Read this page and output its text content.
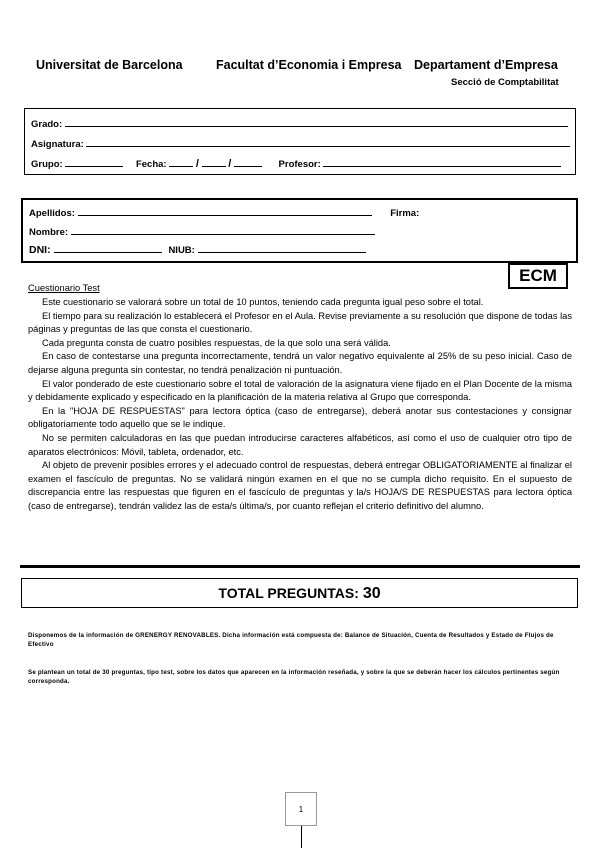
Universitat de Barcelona	Facultat d’Economia i Empresa Departament d’Empresa
Secció de Comptabilitat
Grado:
Asignatura:
Grupo:	Fecha:	/	/	Profesor:
Apellidos:	Firma:
Nombre:
DNI:	NIUB:
ECM
Cuestionario Test

Este cuestionario se valorará sobre un total de 10 puntos, teniendo cada pregunta igual peso sobre el total.

El tiempo para su realización lo establecerá el Profesor en el Aula. Revise previamente a su resolución que dispone de todas las páginas y preguntas de las que consta el cuestionario.

Cada pregunta consta de cuatro posibles respuestas, de la que solo una será válida.

En caso de contestarse una pregunta incorrectamente, tendrá un valor negativo equivalente al 25% de su peso inicial. Caso de dejarse alguna pregunta sin contestar, no tendrá penalización ni puntuación.

El valor ponderado de este cuestionario sobre el total de valoración de la asignatura viene fijado en el Plan Docente de la misma y debidamente explicado y especificado en la planificación de la materia relativa al Grupo que corresponda.

En la "HOJA DE RESPUESTAS" para lectora óptica (caso de entregarse), deberá anotar sus contestaciones y consignar obligatoriamente todo aquello que se le indique.

No se permiten calculadoras en las que puedan introducirse caracteres alfabéticos, así como el uso de cualquier otro tipo de aparatos electrónicos: Móvil, tableta, ordenador, etc.

Al objeto de prevenir posibles errores y el adecuado control de respuestas, deberá entregar OBLIGATORIAMENTE al finalizar el examen el fascículo de preguntas. No se validará ningún examen en el que no se cumpla dicho requisito. En el supuesto de discrepancia entre las respuestas que figuren en el fascículo de preguntas y la/s HOJA/S DE RESPUESTAS para lectora óptica (caso de entregarse), tendrán validez las de esta/s última/s, por cuanto reflejan el criterio definitivo del alumno.

TOTAL PREGUNTAS: 30
Disponemos de la información de GRENERGY RENOVABLES. Dicha información está compuesta de: Balance de Situación, Cuenta de Resultados y Estado de Flujos de Efectivo
Se plantean un total de 30 preguntas, tipo test, sobre los datos que aparecen en la información reseñada, y sobre la que se deberán hacer los cálculos pertinentes según corresponda.
1
